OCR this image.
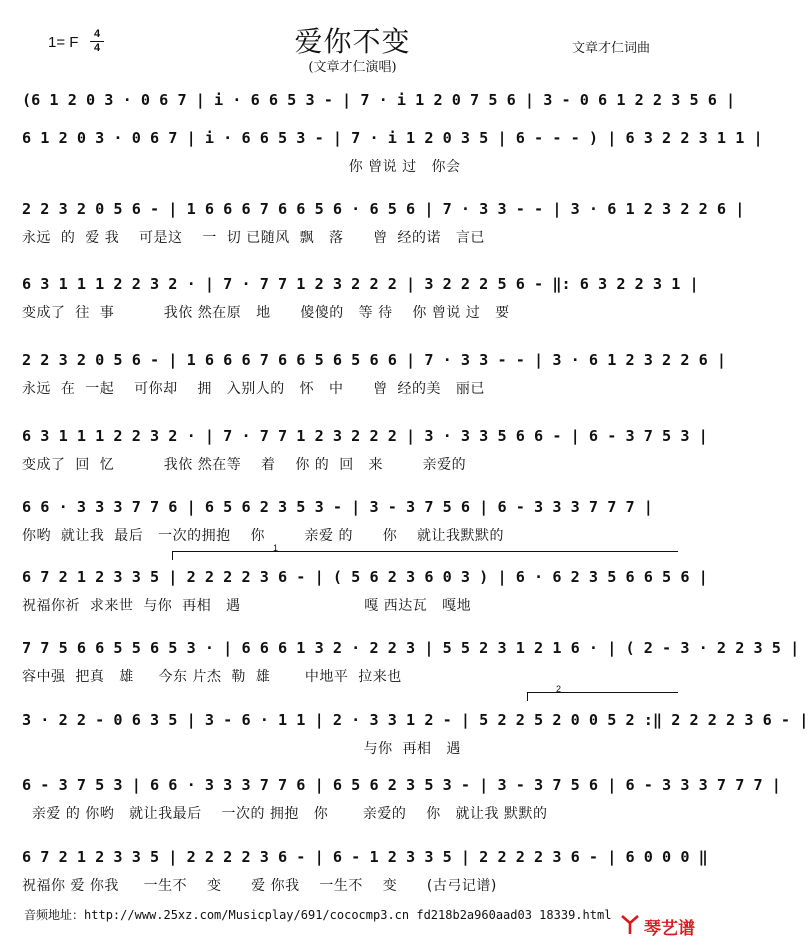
1= F	4
4	爱你不变
(文章才仁演唱)
文章才仁词曲
(6 1 2 0 3 · 0 6 7 | i · 6 6 5 3 - | 7 · i 1 2 0 7 5 6 | 3 - 0 6 1 2 2 3 5 6 |
6 1 2 0 3 · 0 6 7 | i · 6 6 5 3 - | 7 · i 1 2 0 3 5 | 6 - - - ) | 6 3 2 2 3 1 1 |
你 曾说 过   你会
2 2 3 2 0 5 6 - | 1 6 6 6 7 6 6 5 6 · 6 5 6 | 7 · 3 3 - - | 3 · 6 1 2 3 2 2 6 |
永远  的  爱 我    可是这    一  切 已随风  飘   落      曾  经的诺   言已
6 3 1 1 1 2 2 3 2 · | 7 · 7 7 1 2 3 2 2 2 | 3 2 2 2 5 6 - ‖: 6 3 2 2 3 1 |
变成了  往  事          我依 然在原   地      傻傻的   等 待    你 曾说 过   要
2 2 3 2 0 5 6 - | 1 6 6 6 7 6 6 5 6 5 6 6 | 7 · 3 3 - - | 3 · 6 1 2 3 2 2 6 |
永远  在  一起    可你却    拥   入别人的   怀   中      曾  经的美   丽已
6 3 1 1 1 2 2 3 2 · | 7 · 7 7 1 2 3 2 2 2 | 3 · 3 3 5 6 6 - | 6 - 3 7 5 3 |
变成了  回  忆          我依 然在等    着    你 的  回   来        亲爱的
6 6 · 3 3 3 7 7 6 | 6 5 6 2 3 5 3 - | 3 - 3 7 5 6 | 6 - 3 3 3 7 7 7 |
你哟  就让我  最后   一次的拥抱    你        亲爱 的      你    就让我默默的
1
6 7 2 1 2 3 3 5 | 2 2 2 2 3 6 - | ( 5 6 2 3 6 0 3 ) | 6 · 6 2 3 5 6 6 5 6 |
祝福你祈  求来世  与你  再相   遇                         嘎 西达瓦   嘎地
7 7 5 6 6 5 5 6 5 3 · | 6 6 6 1 3 2 · 2 2 3 | 5 5 2 3 1 2 1 6 · | ( 2 - 3 · 2 2 3 5 |
容中强  把真   雄     今东 片杰  勒  雄       中地平  拉来也
2
3 · 2 2 - 0 6 3 5 | 3 - 6 · 1 1 | 2 · 3 3 1 2 - | 5 2 2 5 2 0 0 5 2 :‖ 2 2 2 2 3 6 - |
与你  再相   遇
6 - 3 7 5 3 | 6 6 · 3 3 3 7 7 6 | 6 5 6 2 3 5 3 - | 3 - 3 7 5 6 | 6 - 3 3 3 7 7 7 |
亲爱 的 你哟   就让我最后    一次的 拥抱   你       亲爱的    你   就让我 默默的
6 7 2 1 2 3 3 5 | 2 2 2 2 3 6 - | 6 - 1 2 3 3 5 | 2 2 2 2 3 6 - | 6 0 0 0 ‖
祝福你 爱 你我     一生不    变      爱 你我    一生不    变      (古弓记谱)
音频地址：http://www.25xz.com/Musicplay/691/cococmp3.cn fd218b2a960aad03 18339.html
琴艺谱
